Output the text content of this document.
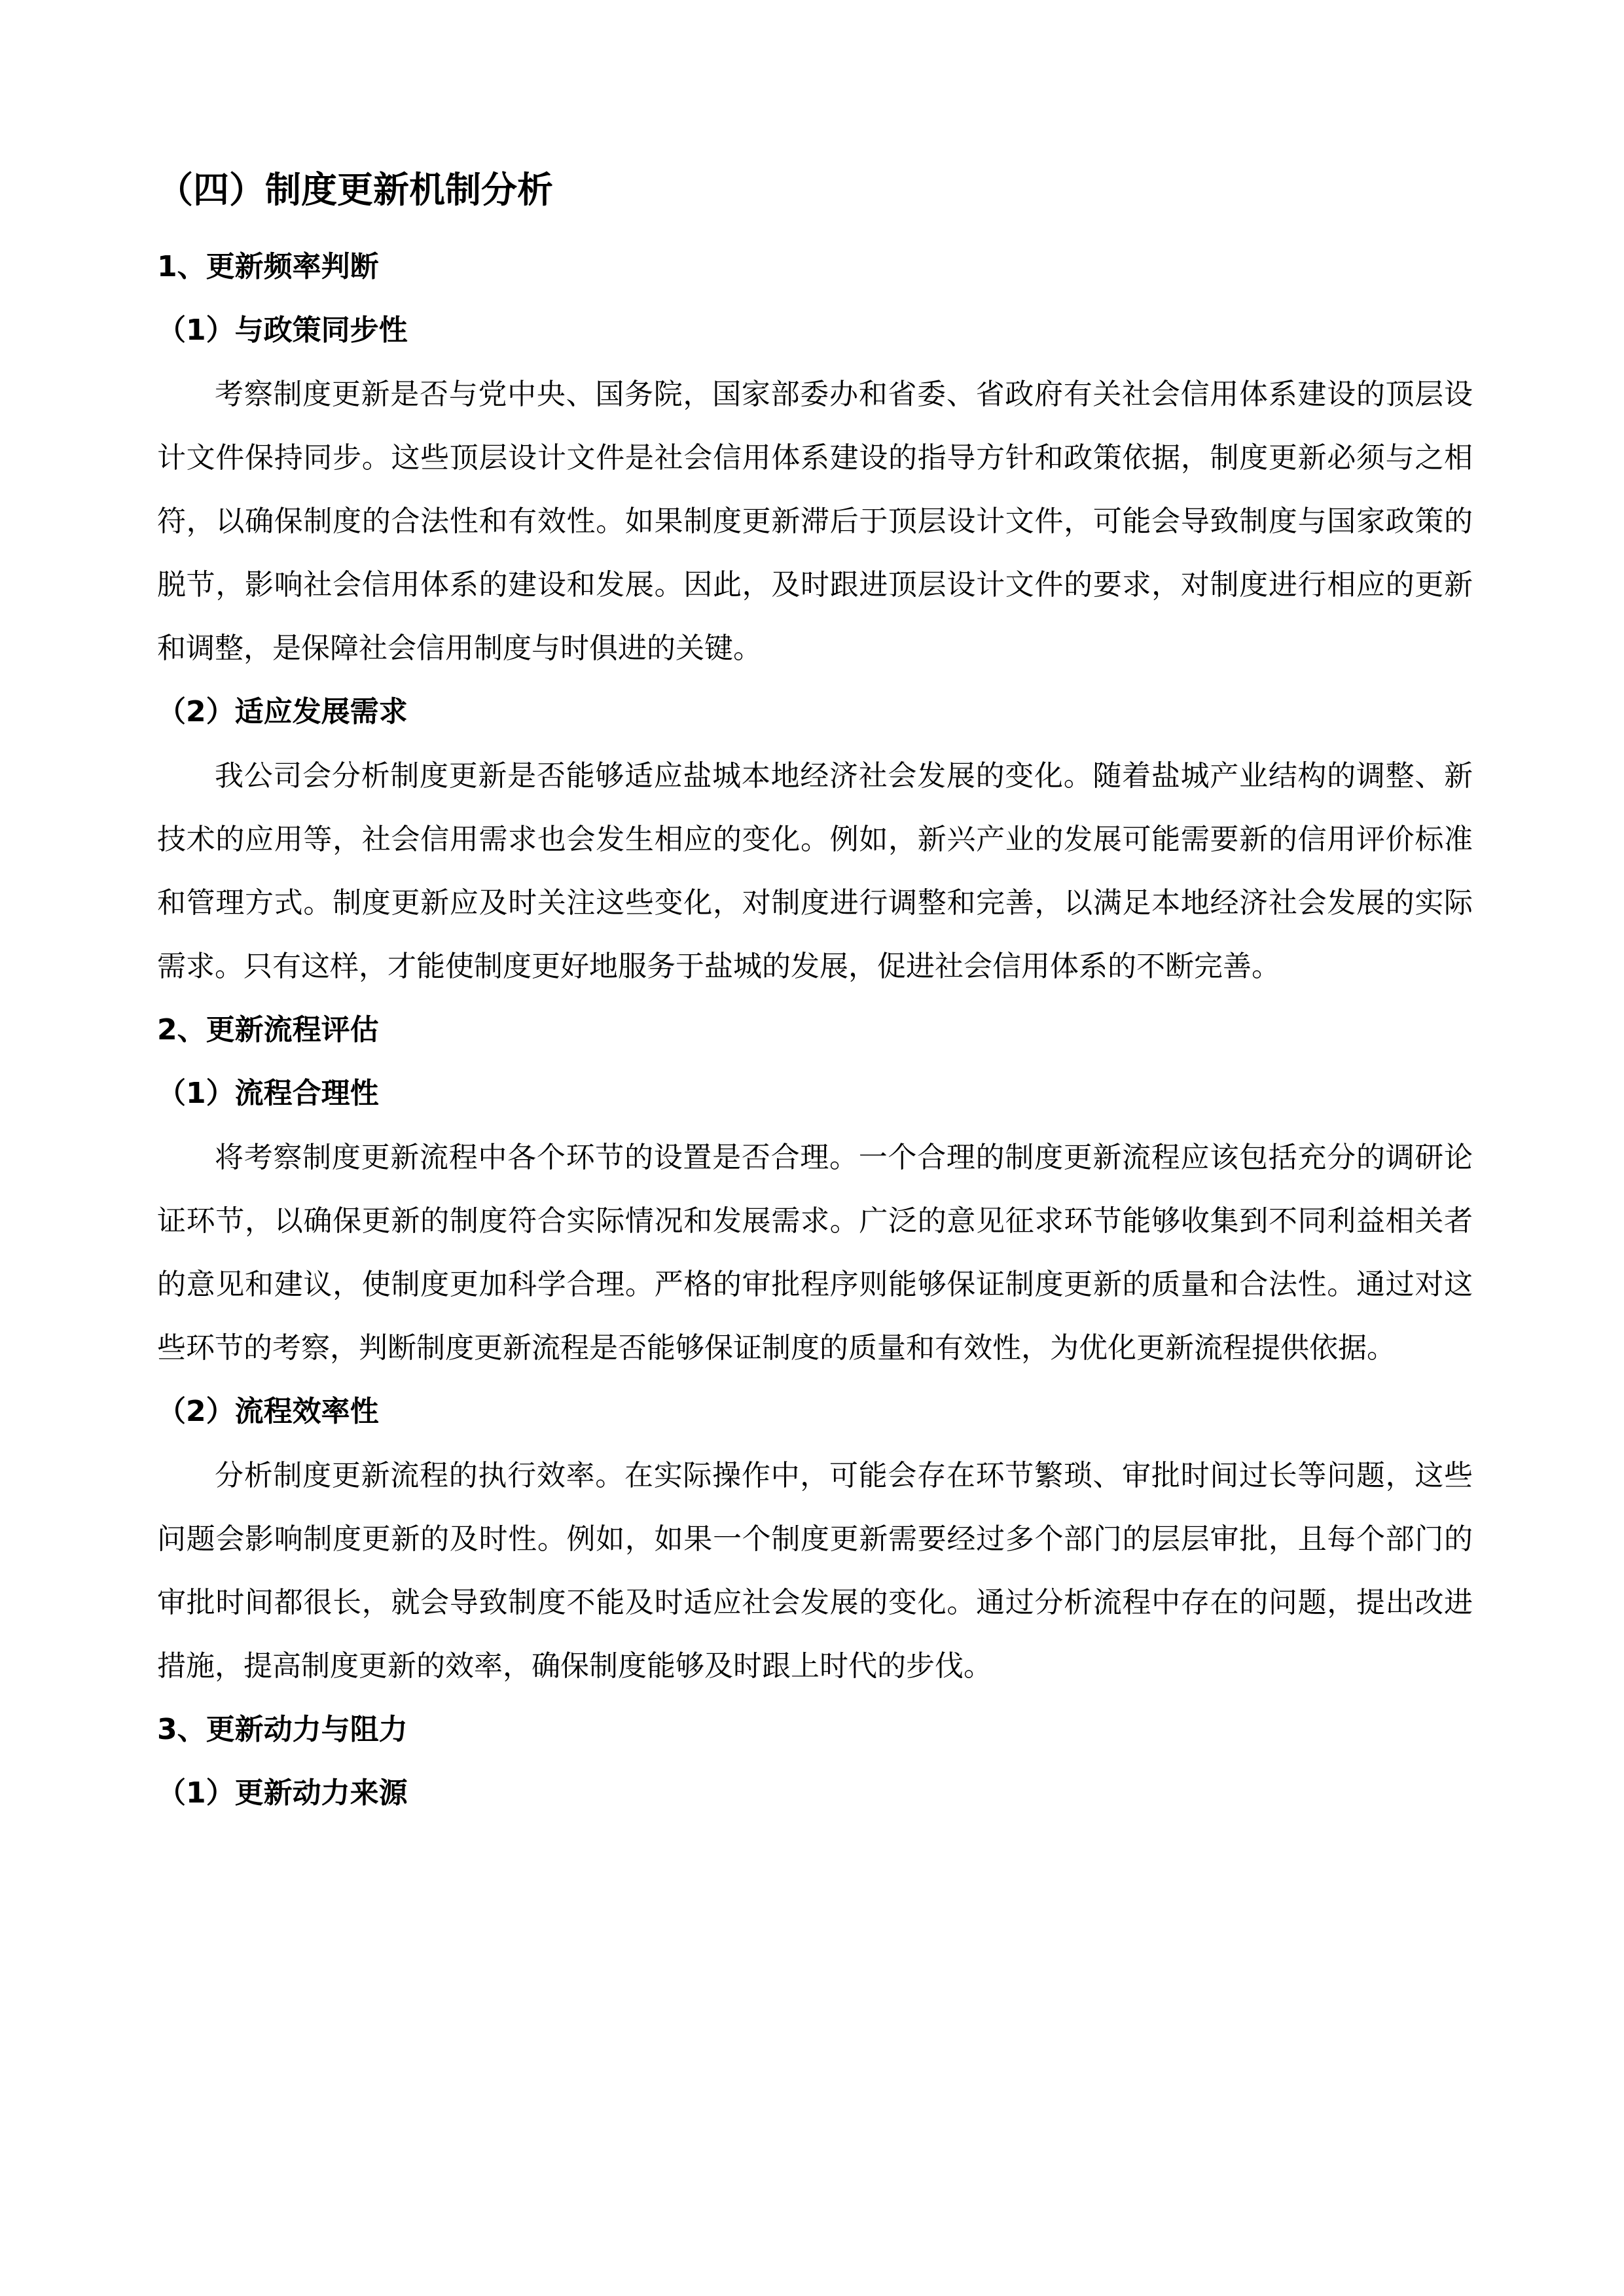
（四）制度更新机制分析
1、更新频率判断
（1）与政策同步性
考察制度更新是否与党中央、国务院，国家部委办和省委、省政府有关社会信用体系建设的顶层设计文件保持同步。这些顶层设计文件是社会信用体系建设的指导方针和政策依据，制度更新必须与之相符，以确保制度的合法性和有效性。如果制度更新滞后于顶层设计文件，可能会导致制度与国家政策的脱节，影响社会信用体系的建设和发展。因此，及时跟进顶层设计文件的要求，对制度进行相应的更新和调整，是保障社会信用制度与时俱进的关键。
（2）适应发展需求
我公司会分析制度更新是否能够适应盐城本地经济社会发展的变化。随着盐城产业结构的调整、新技术的应用等，社会信用需求也会发生相应的变化。例如，新兴产业的发展可能需要新的信用评价标准和管理方式。制度更新应及时关注这些变化，对制度进行调整和完善，以满足本地经济社会发展的实际需求。只有这样，才能使制度更好地服务于盐城的发展，促进社会信用体系的不断完善。
2、更新流程评估
（1）流程合理性
将考察制度更新流程中各个环节的设置是否合理。一个合理的制度更新流程应该包括充分的调研论证环节，以确保更新的制度符合实际情况和发展需求。广泛的意见征求环节能够收集到不同利益相关者的意见和建议，使制度更加科学合理。严格的审批程序则能够保证制度更新的质量和合法性。通过对这些环节的考察，判断制度更新流程是否能够保证制度的质量和有效性，为优化更新流程提供依据。
（2）流程效率性
分析制度更新流程的执行效率。在实际操作中，可能会存在环节繁琐、审批时间过长等问题，这些问题会影响制度更新的及时性。例如，如果一个制度更新需要经过多个部门的层层审批，且每个部门的审批时间都很长，就会导致制度不能及时适应社会发展的变化。通过分析流程中存在的问题，提出改进措施，提高制度更新的效率，确保制度能够及时跟上时代的步伐。
3、更新动力与阻力
（1）更新动力来源
